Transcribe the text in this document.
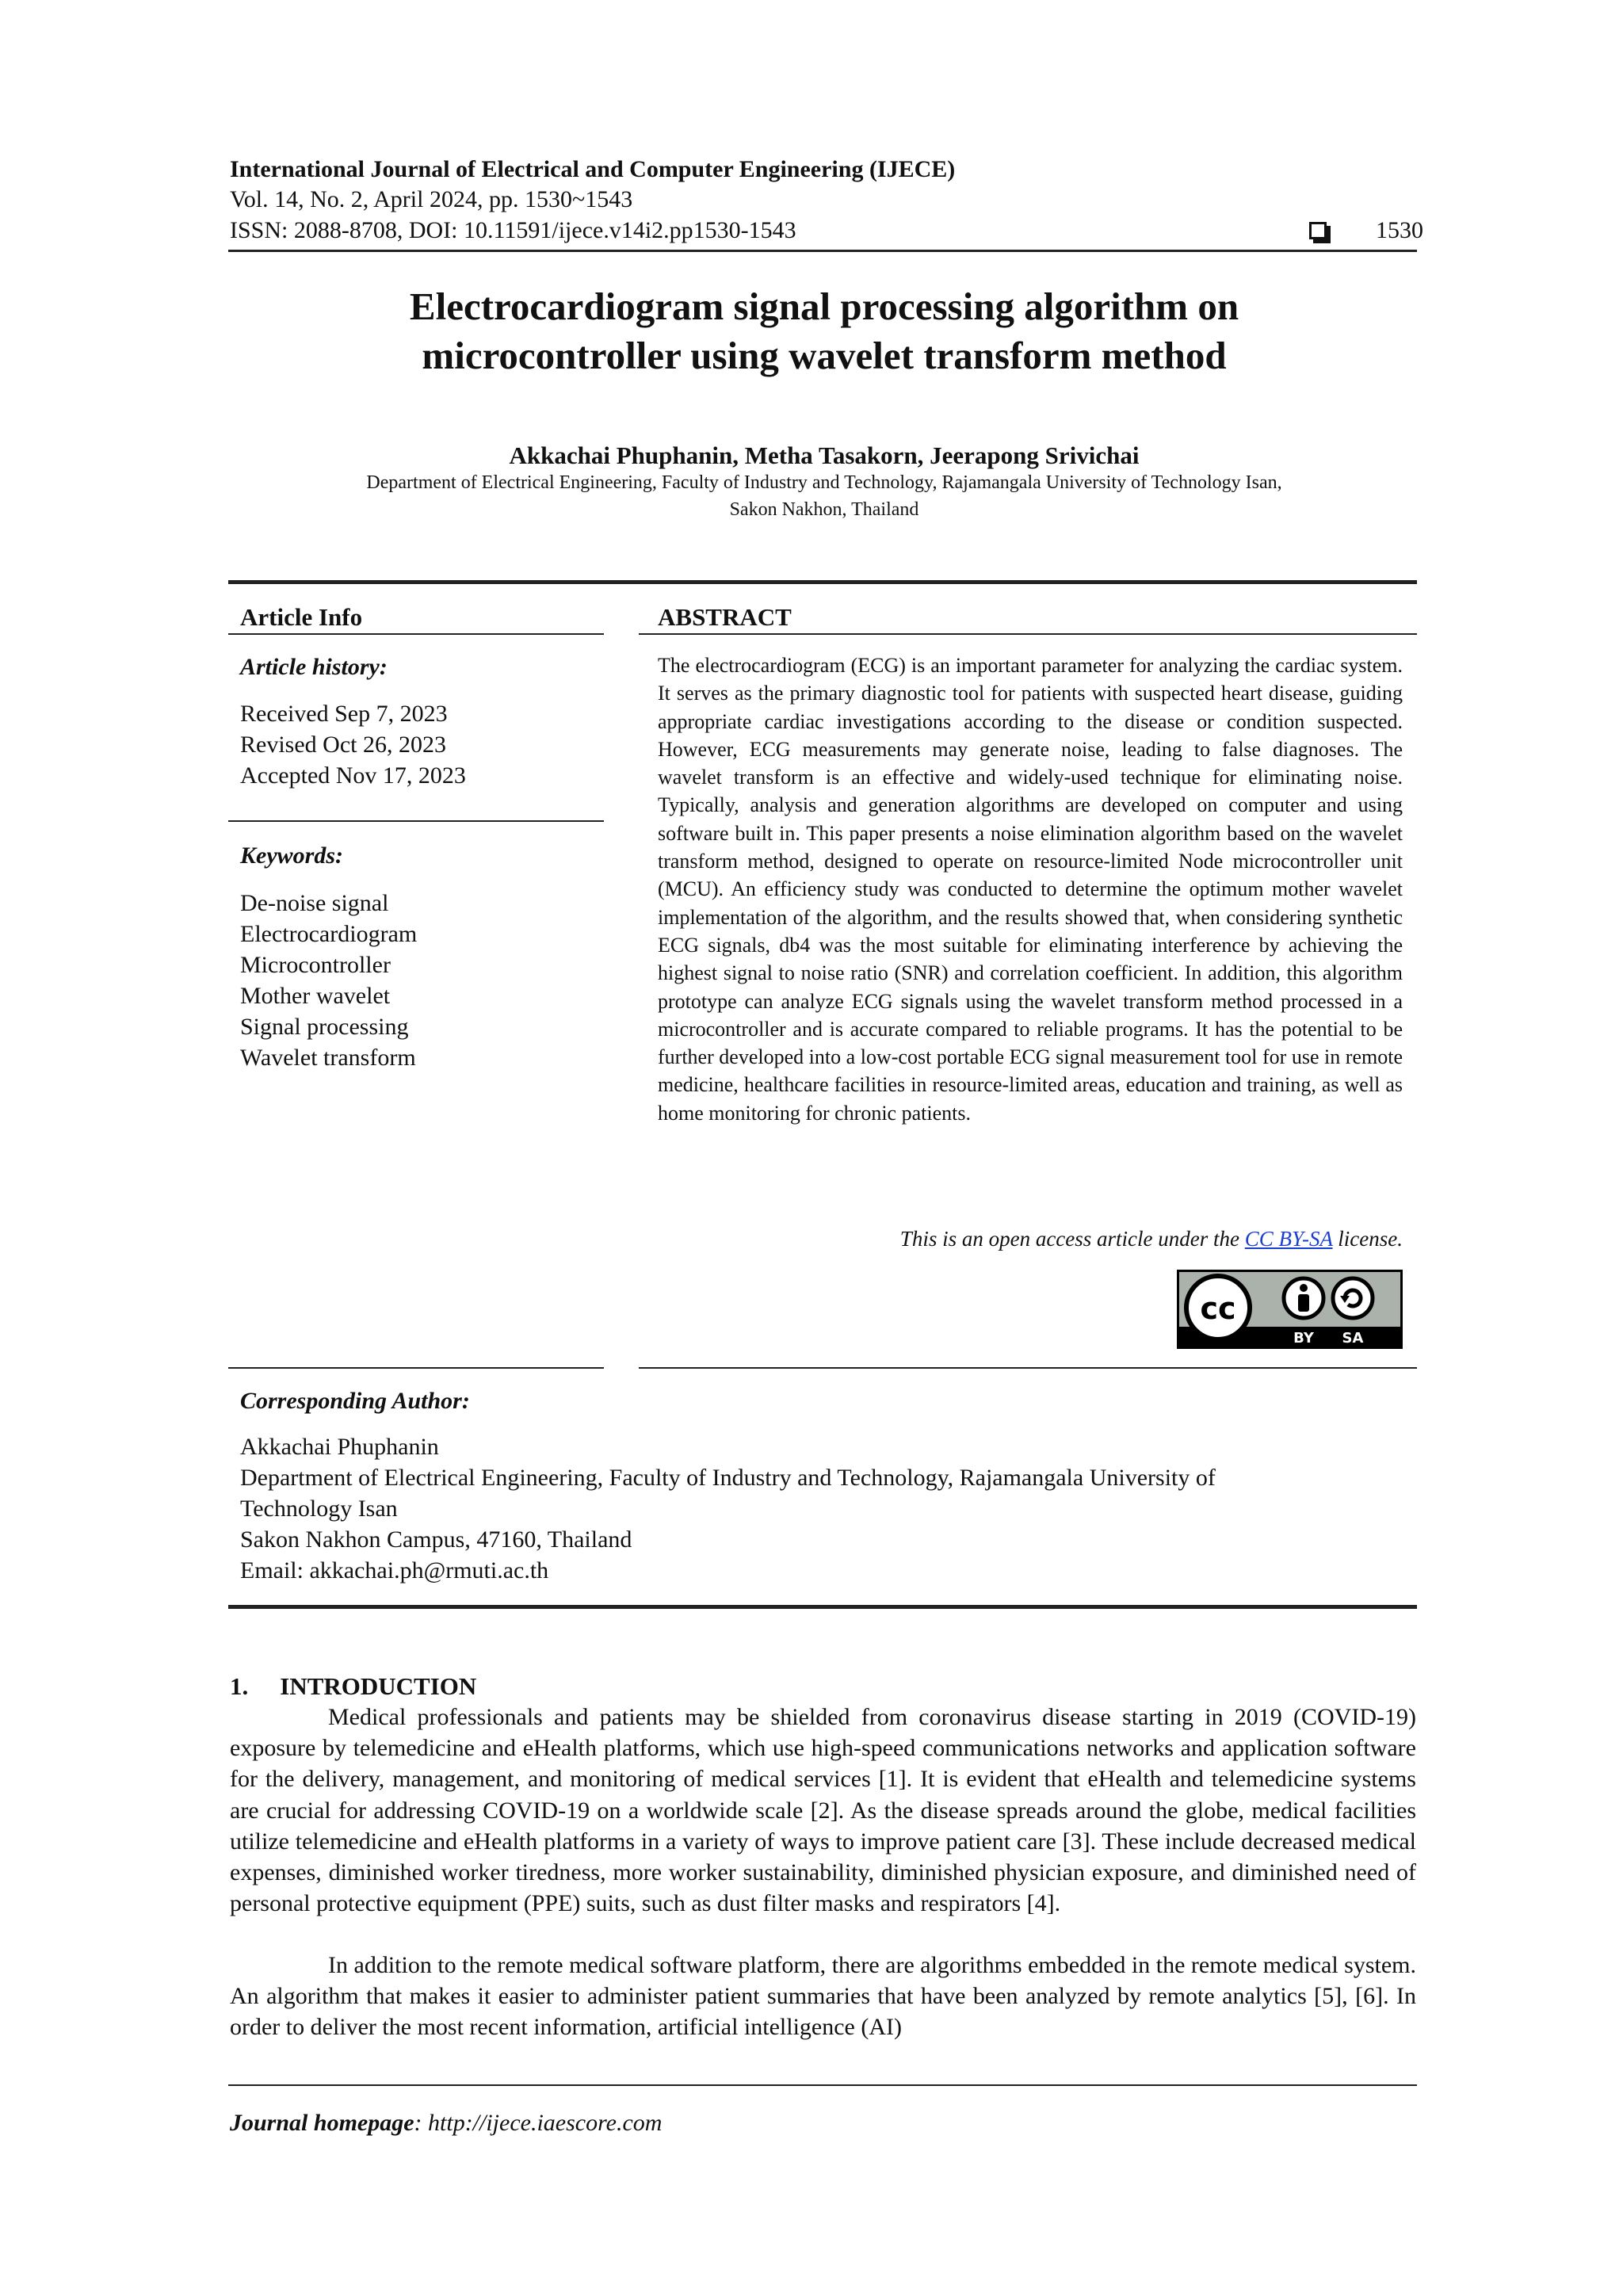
International Journal of Electrical and Computer Engineering (IJECE)
Vol. 14, No. 2, April 2024, pp. 1530~1543
ISSN: 2088-8708, DOI: 10.11591/ijece.v14i2.pp1530-1543	1530
Electrocardiogram signal processing algorithm on
microcontroller using wavelet transform method
Akkachai Phuphanin, Metha Tasakorn, Jeerapong Srivichai
Department of Electrical Engineering, Faculty of Industry and Technology, Rajamangala University of Technology Isan,
Sakon Nakhon, Thailand
Article Info
Article history:
Received Sep 7, 2023
Revised Oct 26, 2023
Accepted Nov 17, 2023
Keywords:
De-noise signal
Electrocardiogram
Microcontroller
Mother wavelet
Signal processing
Wavelet transform
ABSTRACT
The electrocardiogram (ECG) is an important parameter for analyzing the cardiac system. It serves as the primary diagnostic tool for patients with suspected heart disease, guiding appropriate cardiac investigations according to the disease or condition suspected. However, ECG measurements may generate noise, leading to false diagnoses. The wavelet transform is an effective and widely-used technique for eliminating noise. Typically, analysis and generation algorithms are developed on computer and using software built in. This paper presents a noise elimination algorithm based on the wavelet transform method, designed to operate on resource-limited Node microcontroller unit (MCU). An efficiency study was conducted to determine the optimum mother wavelet implementation of the algorithm, and the results showed that, when considering synthetic ECG signals, db4 was the most suitable for eliminating interference by achieving the highest signal to noise ratio (SNR) and correlation coefficient. In addition, this algorithm prototype can analyze ECG signals using the wavelet transform method processed in a microcontroller and is accurate compared to reliable programs. It has the potential to be further developed into a low-cost portable ECG signal measurement tool for use in remote medicine, healthcare facilities in resource-limited areas, education and training, as well as home monitoring for chronic patients.
This is an open access article under the CC BY-SA license.
cc
BY SA
Corresponding Author:
Akkachai Phuphanin
Department of Electrical Engineering, Faculty of Industry and Technology, Rajamangala University of
Technology Isan
Sakon Nakhon Campus, 47160, Thailand
Email: akkachai.ph@rmuti.ac.th
1. INTRODUCTION
Medical professionals and patients may be shielded from coronavirus disease starting in 2019 (COVID-19) exposure by telemedicine and eHealth platforms, which use high-speed communications networks and application software for the delivery, management, and monitoring of medical services [1]. It is evident that eHealth and telemedicine systems are crucial for addressing COVID-19 on a worldwide scale [2]. As the disease spreads around the globe, medical facilities utilize telemedicine and eHealth platforms in a variety of ways to improve patient care [3]. These include decreased medical expenses, diminished worker tiredness, more worker sustainability, diminished physician exposure, and diminished need of personal protective equipment (PPE) suits, such as dust filter masks and respirators [4].
In addition to the remote medical software platform, there are algorithms embedded in the remote medical system. An algorithm that makes it easier to administer patient summaries that have been analyzed by remote analytics [5], [6]. In order to deliver the most recent information, artificial intelligence (AI)
Journal homepage: http://ijece.iaescore.com
